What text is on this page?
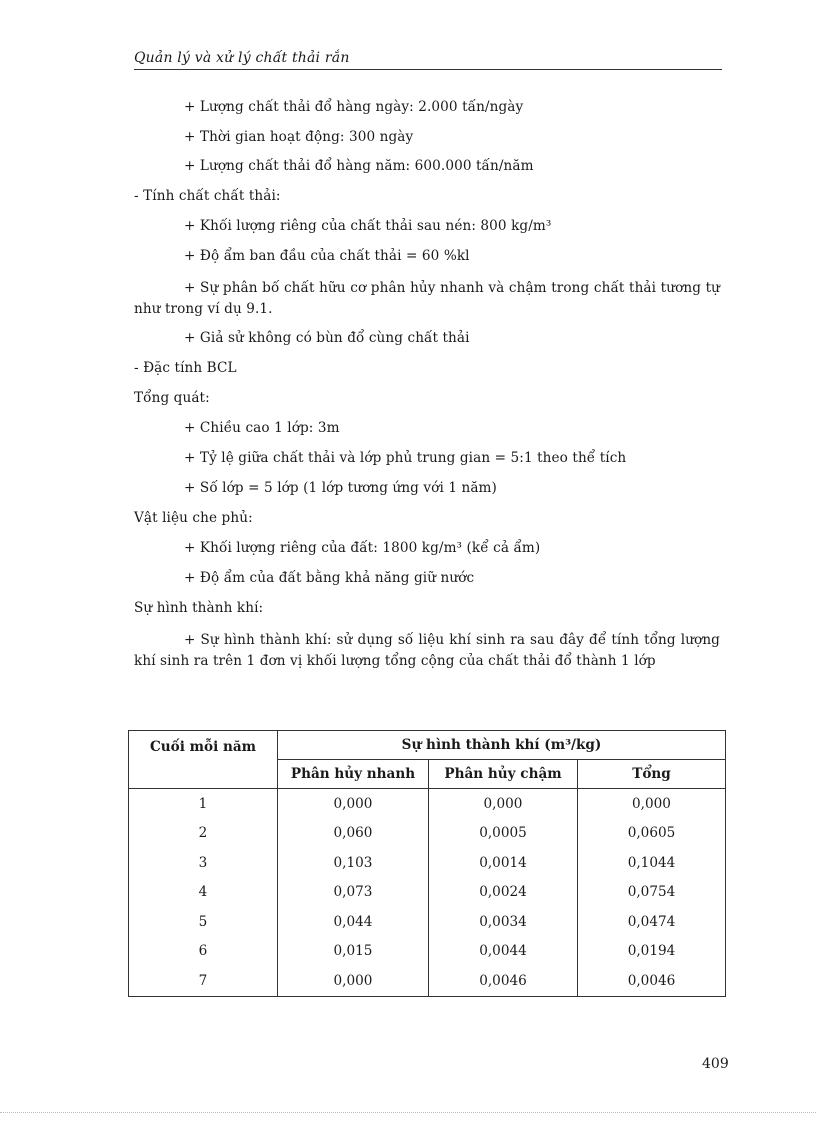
Quản lý và xử lý chất thải rắn
+ Lượng chất thải đổ hàng ngày: 2.000 tấn/ngày
+ Thời gian hoạt động: 300 ngày
+ Lượng chất thải đổ hàng năm: 600.000 tấn/năm
- Tính chất chất thải:
+ Khối lượng riêng của chất thải sau nén: 800 kg/m³
+ Độ ẩm ban đầu của chất thải = 60 %kl
+ Sự phân bố chất hữu cơ phân hủy nhanh và chậm trong chất thải tương tự như trong ví dụ 9.1.
+ Giả sử không có bùn đổ cùng chất thải
- Đặc tính BCL
Tổng quát:
+ Chiều cao 1 lớp: 3m
+ Tỷ lệ giữa chất thải và lớp phủ trung gian = 5:1 theo thể tích
+ Số lớp = 5 lớp (1 lớp tương ứng với 1 năm)
Vật liệu che phủ:
+ Khối lượng riêng của đất: 1800 kg/m³ (kể cả ẩm)
+ Độ ẩm của đất bằng khả năng giữ nước
Sự hình thành khí:
+ Sự hình thành khí: sử dụng số liệu khí sinh ra sau đây để tính tổng lượng khí sinh ra trên 1 đơn vị khối lượng tổng cộng của chất thải đổ thành 1 lớp
Cuối mỗi năm	Sự hình thành khí (m³/kg)		
	Phân hủy nhanh	Phân hủy chậm	Tổng
1	0,000	0,000	0,000
2	0,060	0,0005	0,0605
3	0,103	0,0014	0,1044
4	0,073	0,0024	0,0754
5	0,044	0,0034	0,0474
6	0,015	0,0044	0,0194
7	0,000	0,0046	0,0046
409
